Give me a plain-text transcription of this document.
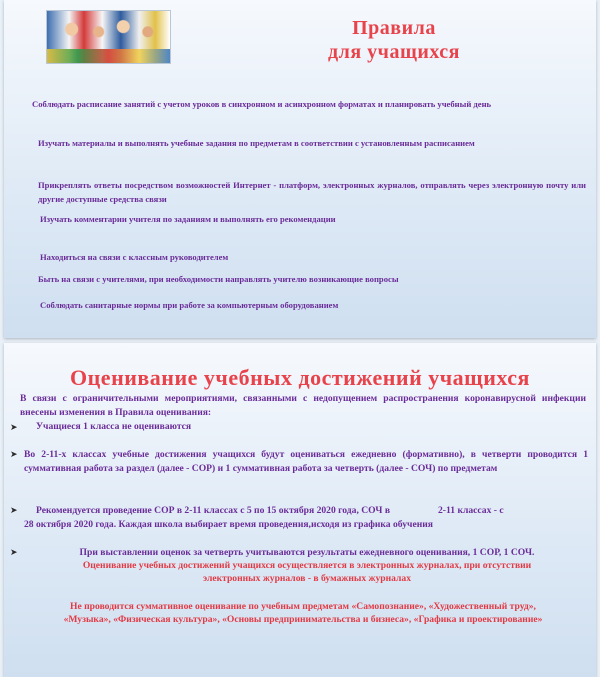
Правила
для учащихся
Соблюдать расписание занятий с учетом уроков в синхронном и асинхронном форматах и планировать учебный день
Изучать материалы и выполнять учебные задания по предметам в соответствии с установленным расписанием
Прикреплять ответы посредством возможностей Интернет - платформ, электронных журналов, отправлять через электронную почту или другие доступные средства связи
Изучать комментарии учителя по заданиям и выполнять его рекомендации
Находиться на связи с классным руководителем
Быть на связи с учителями, при необходимости направлять учителю возникающие вопросы
Соблюдать санитарные нормы при работе за компьютерным оборудованием
Оценивание учебных достижений учащихся
В связи с ограничительными мероприятиями, связанными с недопущением распространения коронавирусной инфекции внесены изменения в Правила оценивания:
➤ Учащиеся 1 класса не оцениваются
➤ Во 2-11-х классах учебные достижения учащихся будут оцениваться ежедневно (формативно), в четверти проводится 1 суммативная работа за раздел (далее - СОР) и 1 суммативная работа за четверть (далее - СОЧ) по предметам
➤ Рекомендуется проведение СОР в 2-11 классах с 5 по 15 октября 2020 года, СОЧ в                    2-11 классах - с
28 октября 2020 года. Каждая школа выбирает время проведения,исходя из графика обучения
➤	При выставлении оценок за четверть учитываются результаты ежедневного оценивания, 1 СОР, 1 СОЧ.
Оценивание учебных достижений учащихся осуществляется в электронных журналах, при отсутствии
электронных журналов - в бумажных журналах
Не проводится суммативное оценивание по учебным предметам «Самопознание», «Художественный труд»,
«Музыка», «Физическая культура», «Основы предпринимательства и бизнеса», «Графика и проектирование»
